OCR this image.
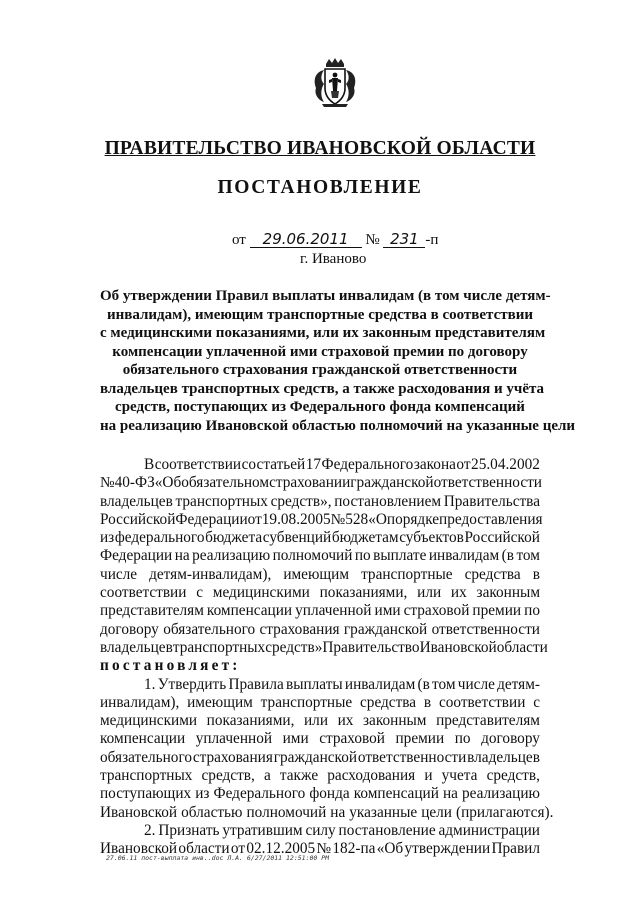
ПРАВИТЕЛЬСТВО ИВАНОВСКОЙ ОБЛАСТИ
ПОСТАНОВЛЕНИЕ
от 29.06.2011 № 231 -п
г. Иваново
Об утверждении Правил выплаты инвалидам (в том числе детям-
инвалидам), имеющим транспортные средства в соответствии
с медицинскими показаниями, или их законным представителям
компенсации уплаченной ими страховой премии по договору
обязательного страхования гражданской ответственности
владельцев транспортных средств, а также расходования и учёта
средств, поступающих из Федерального фонда компенсаций
на реализацию Ивановской областью полномочий на указанные цели
В соответствии со статьей 17 Федерального закона от 25.04.2002
№ 40-ФЗ «Об обязательном страховании гражданской ответственности
владельцев транспортных средств», постановлением Правительства
Российской Федерации от 19.08.2005 № 528 «О порядке предоставления
из федерального бюджета субвенций бюджетам субъектов Российской
Федерации на реализацию полномочий по выплате инвалидам (в том
числе детям-инвалидам), имеющим транспортные средства в
соответствии с медицинскими показаниями, или их законным
представителям компенсации уплаченной ими страховой премии по
договору обязательного страхования гражданской ответственности
владельцев транспортных средств» Правительство Ивановской области
постановляет:
1. Утвердить Правила выплаты инвалидам (в том числе детям-
инвалидам), имеющим транспортные средства в соответствии с
медицинскими показаниями, или их законным представителям
компенсации уплаченной ими страховой премии по договору
обязательного страхования гражданской ответственности владельцев
транспортных средств, а также расходования и учета средств,
поступающих из Федерального фонда компенсаций на реализацию
Ивановской областью полномочий на указанные цели (прилагаются).
2. Признать утратившим силу постановление администрации
Ивановской области от 02.12.2005 № 182-па «Об утверждении Правил
27.06.11 пост-выплата инв..doc Л.А. 6/27/2011 12:51:00 PM
